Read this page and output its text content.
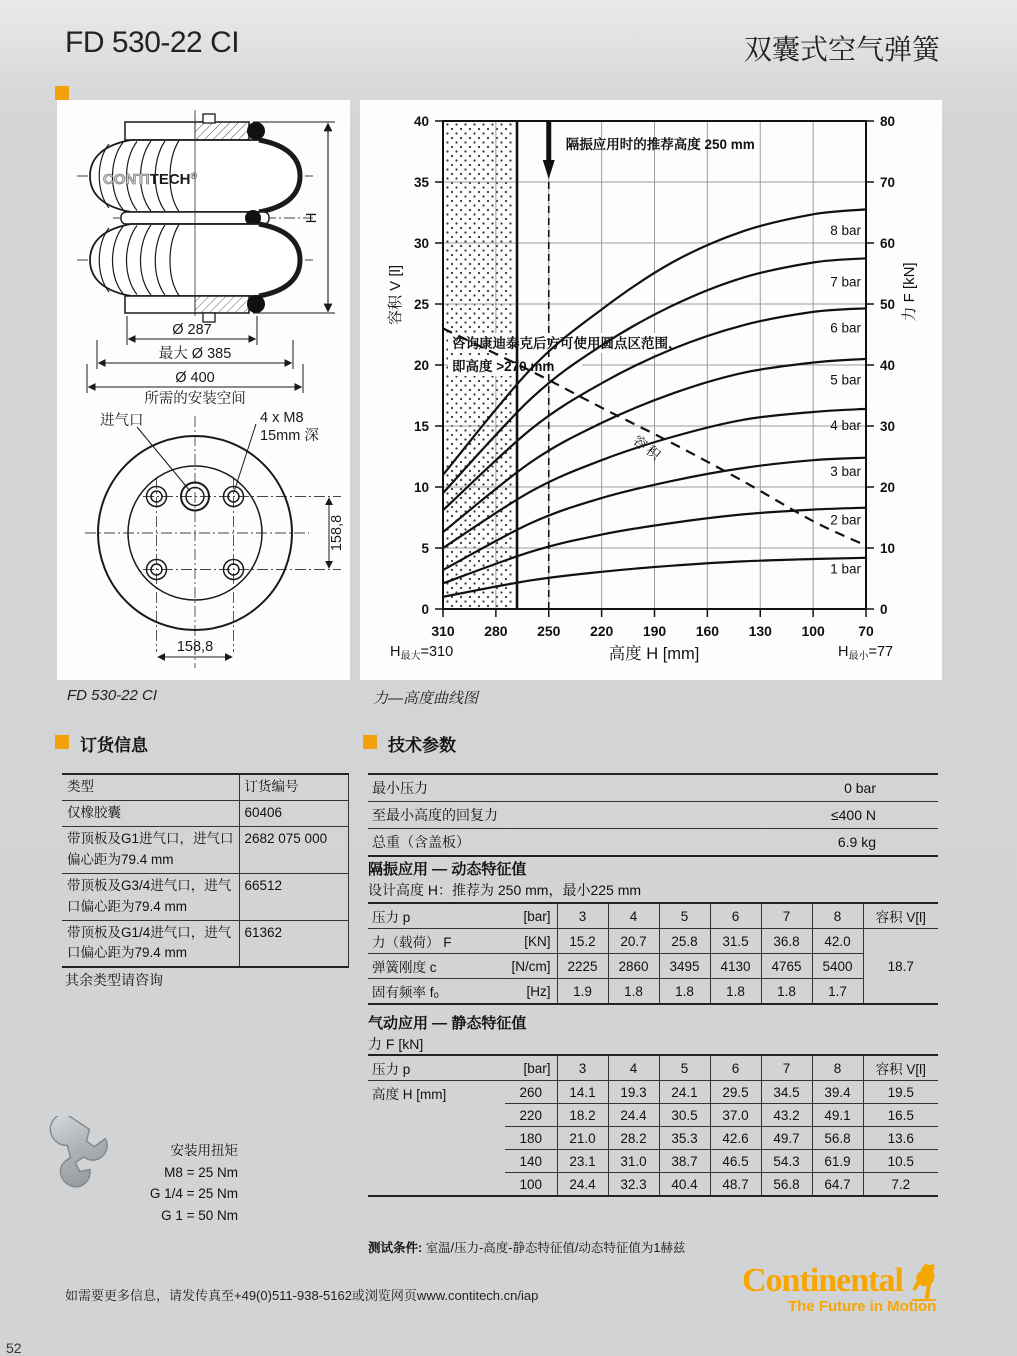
FD 530-22 CI	双囊式空气弹簧
CONTITECH®
H
Ø 287
最大 Ø 385
Ø 400
所需的安装空间
进气口	4 x M8
15mm 深
158,8
158,8
8 bar
7 bar
6 bar
5 bar
4 bar
3 bar
2 bar
1 bar
容积
0
5
10
15
20
25
30
35
40
0
10
20
30
40
50
60
70
80
310 280 250 220 190 160 130 100 70
容积 V [l]	力 F [kN]
隔振应用时的推荐高度 250 mm
咨询康迪泰克后方可使用圆点区范围，
即高度 >270 mm
$H_{最大}=310$	高度 H [mm]	$H_{最小}=77$
FD 530-22 CI	力—高度曲线图
订货信息
类型	订货编号
仅橡胶囊	60406
带顶板及G1进气口，进气口偏心距为79.4 mm	2682 075 000
带顶板及G3/4进气口，进气口偏心距为79.4 mm	66512
带顶板及G1/4进气口，进气口偏心距为79.4 mm	61362
其余类型请咨询
技术参数
最小压力	0 bar
至最小高度的回复力	≤400 N
总重（含盖板）	6.9 kg
隔振应用 — 动态特征值
设计高度 H：推荐为 250 mm，最小225 mm
压力 p	[bar]	3	4	5	6	7	8	容积 V[l]
力（载荷） F	[KN]	15.2	20.7	25.8	31.5	36.8	42.0	18.7
弹簧刚度 c	[N/cm]	2225	2860	3495	4130	4765	5400	
固有频率 f₀	[Hz]	1.9	1.8	1.8	1.8	1.8	1.7	
气动应用 — 静态特征值
力 F [kN]
压力 p	[bar]	3	4	5	6	7	8	容积 V[l]
高度 H [mm]	260	14.1	19.3	24.1	29.5	34.5	39.4	19.5
	220	18.2	24.4	30.5	37.0	43.2	49.1	16.5
	180	21.0	28.2	35.3	42.6	49.7	56.8	13.6
	140	23.1	31.0	38.7	46.5	54.3	61.9	10.5
	100	24.4	32.3	40.4	48.7	56.8	64.7	7.2
测试条件: 室温/压力-高度-静态特征值/动态特征值为1赫兹
安装用扭矩
M8 = 25 Nm
G 1/4 = 25 Nm
G 1 = 50 Nm
如需要更多信息，请发传真至+49(0)511-938-5162或浏览网页www.contitech.cn/iap	Continental
The Future in Motion
52
